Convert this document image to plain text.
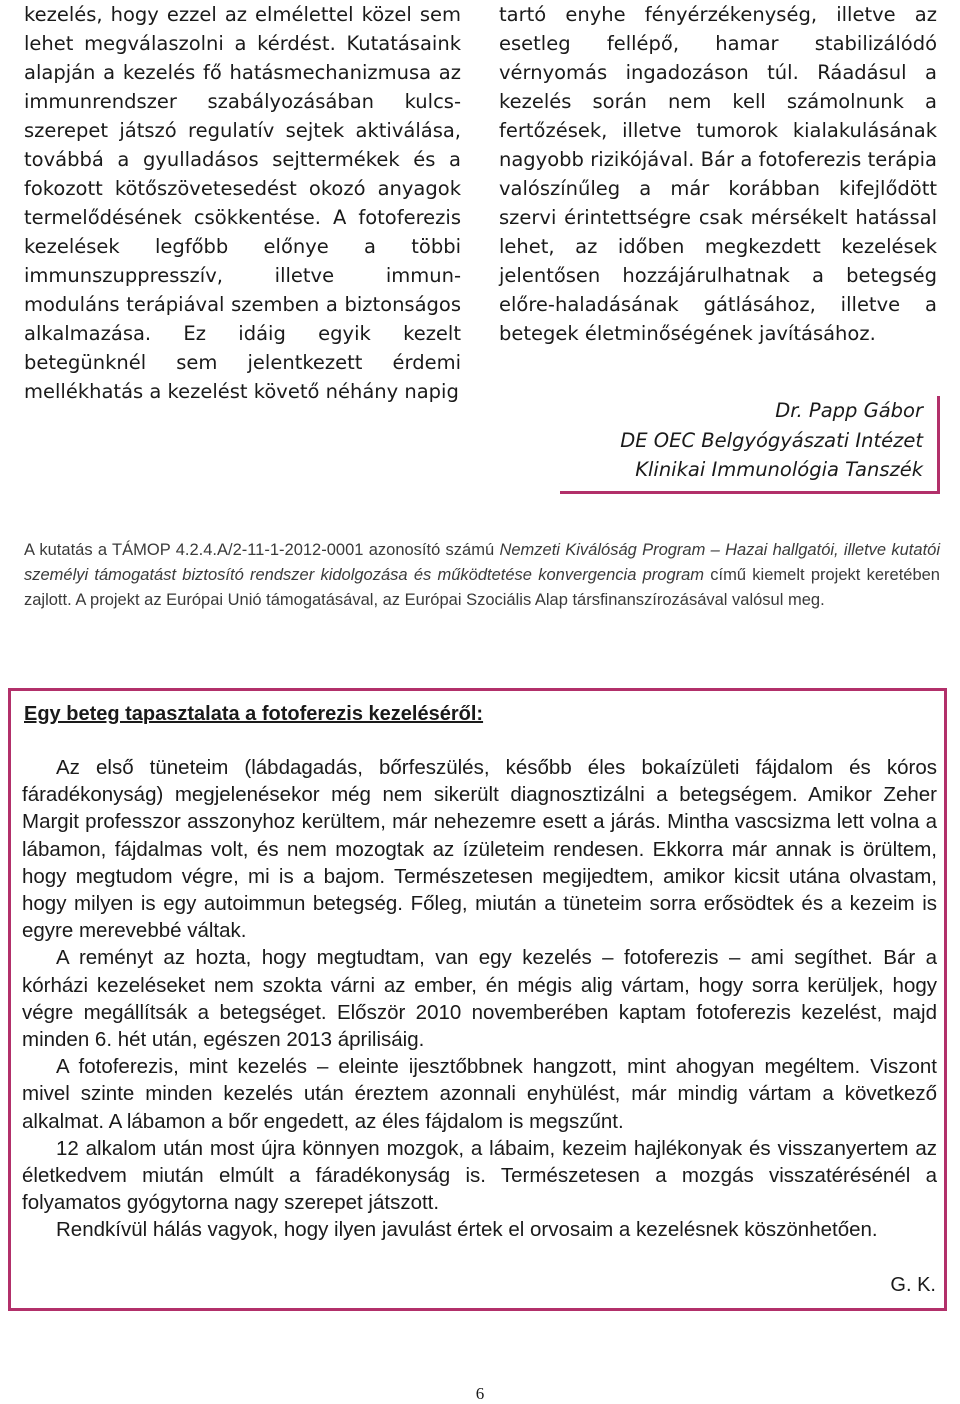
kezelés, hogy ezzel az elmélettel közel sem lehet megválaszolni a kérdést. Kutatásaink alapján a kezelés fő hatásmechanizmusa az immunrendszer szabályozásában kulcs-szerepet játszó regulatív sejtek aktiválása, továbbá a gyulladásos sejttermékek és a fokozott kötőszövetesedést okozó anyagok termelődésének csökkentése. A fotoferezis kezelések legfőbb előnye a többi immunszuppresszív, illetve immun-moduláns terápiával szemben a biztonságos alkalmazása. Ez idáig egyik kezelt betegünknél sem jelentkezett érdemi mellékhatás a kezelést követő néhány napig

tartó enyhe fényérzékenység, illetve az esetleg fellépő, hamar stabilizálódó vérnyomás ingadozáson túl. Ráadásul a kezelés során nem kell számolnunk a fertőzések, illetve tumorok kialakulásának nagyobb rizikójával. Bár a fotoferezis terápia valószínűleg a már korábban kifejlődött szervi érintettségre csak mérsékelt hatással lehet, az időben megkezdett kezelések jelentősen hozzájárulhatnak a betegség előre-haladásának gátlásához, illetve a betegek életminőségének javításához.

Dr. Papp Gábor
DE OEC Belgyógyászati Intézet
Klinikai Immunológia Tanszék
A kutatás a TÁMOP 4.2.4.A/2-11-1-2012-0001 azonosító számú Nemzeti Kiválóság Program – Hazai hallgatói, illetve kutatói személyi támogatást biztosító rendszer kidolgozása és működtetése konvergencia program című kiemelt projekt keretében zajlott. A projekt az Európai Unió támogatásával, az Európai Szociális Alap társfinanszírozásával valósul meg.
Egy beteg tapasztalata a fotoferezis kezeléséről:

Az első tüneteim (lábdagadás, bőrfeszülés, később éles bokaízületi fájdalom és kóros fáradékonyság) megjelenésekor még nem sikerült diagnosztizálni a betegségem. Amikor Zeher Margit professzor asszonyhoz kerültem, már nehezemre esett a járás. Mintha vascsizma lett volna a lábamon, fájdalmas volt, és nem mozogtak az ízületeim rendesen. Ekkorra már annak is örültem, hogy megtudom végre, mi is a bajom. Természetesen megijedtem, amikor kicsit utána olvastam, hogy milyen is egy autoimmun betegség. Főleg, miután a tüneteim sorra erősödtek és a kezeim is egyre merevebbé váltak.

A reményt az hozta, hogy megtudtam, van egy kezelés – fotoferezis – ami segíthet. Bár a kórházi kezeléseket nem szokta várni az ember, én mégis alig vártam, hogy sorra kerüljek, hogy végre megállítsák a betegséget. Először 2010 novemberében kaptam fotoferezis kezelést, majd minden 6. hét után, egészen 2013 áprilisáig.

A fotoferezis, mint kezelés – eleinte ijesztőbbnek hangzott, mint ahogyan megéltem. Viszont mivel szinte minden kezelés után éreztem azonnali enyhülést, már mindig vártam a következő alkalmat. A lábamon a bőr engedett, az éles fájdalom is megszűnt.

12 alkalom után most újra könnyen mozgok, a lábaim, kezeim hajlékonyak és visszanyertem az életkedvem miután elmúlt a fáradékonyság is. Természetesen a mozgás visszatérésénél a folyamatos gyógytorna nagy szerepet játszott.

Rendkívül hálás vagyok, hogy ilyen javulást értek el orvosaim a kezelésnek köszönhetően.

G. K.
6
